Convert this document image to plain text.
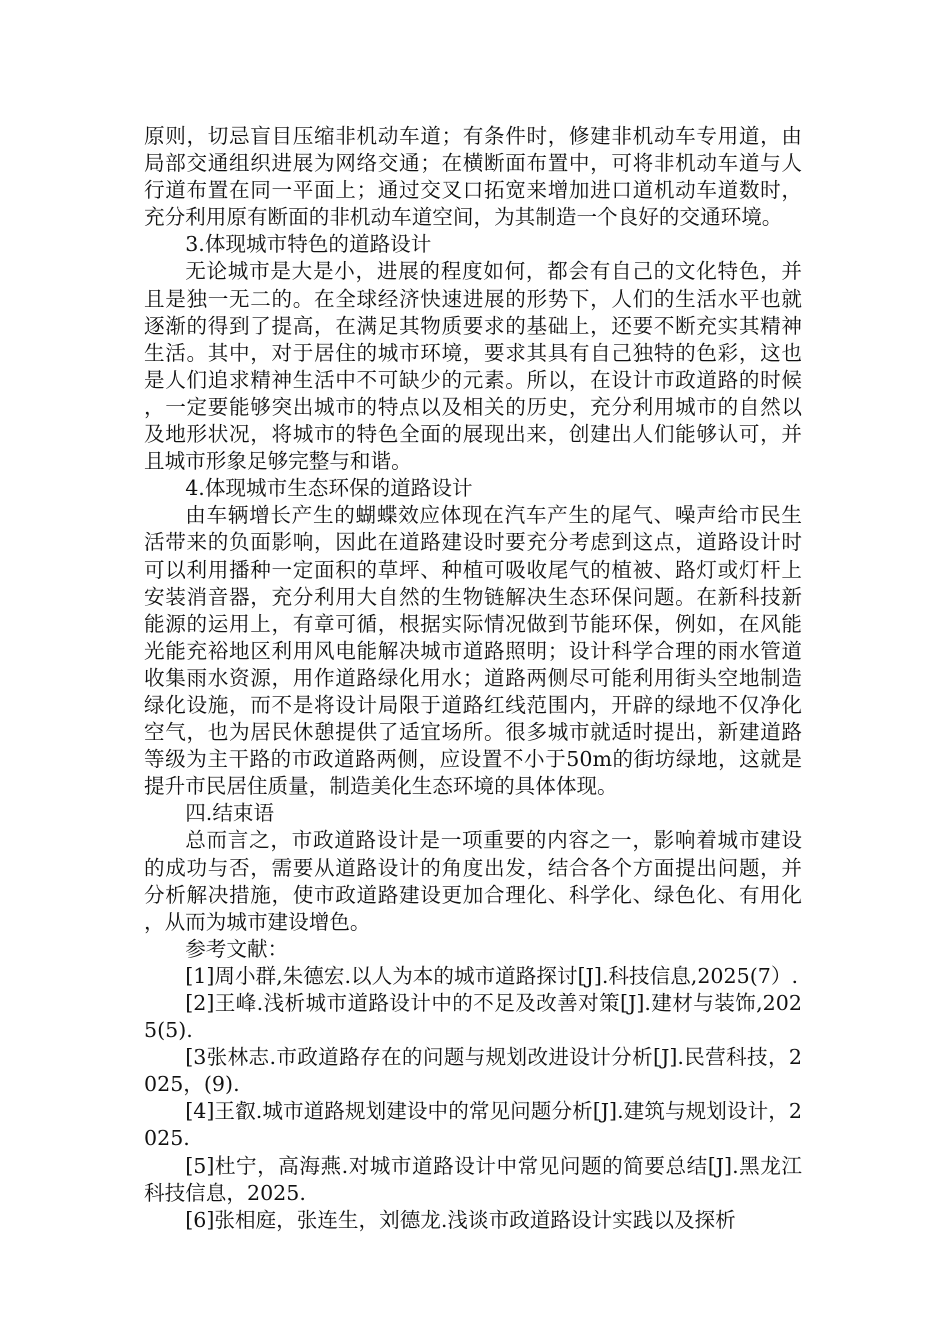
原则，切忌盲目压缩非机动车道；有条件时，修建非机动车专用道，由局部交通组织进展为网络交通；在横断面布置中，可将非机动车道与人行道布置在同一平面上；通过交叉口拓宽来增加进口道机动车道数时，充分利用原有断面的非机动车道空间，为其制造一个良好的交通环境。

3.体现城市特色的道路设计

无论城市是大是小，进展的程度如何，都会有自己的文化特色，并且是独一无二的。在全球经济快速进展的形势下，人们的生活水平也就逐渐的得到了提高，在满足其物质要求的基础上，还要不断充实其精神生活。其中，对于居住的城市环境，要求其具有自己独特的色彩，这也是人们追求精神生活中不可缺少的元素。所以，在设计市政道路的时候，一定要能够突出城市的特点以及相关的历史，充分利用城市的自然以及地形状况，将城市的特色全面的展现出来，创建出人们能够认可，并且城市形象足够完整与和谐。

4.体现城市生态环保的道路设计

由车辆增长产生的蝴蝶效应体现在汽车产生的尾气、噪声给市民生活带来的负面影响，因此在道路建设时要充分考虑到这点，道路设计时可以利用播种一定面积的草坪、种植可吸收尾气的植被、路灯或灯杆上安装消音器，充分利用大自然的生物链解决生态环保问题。在新科技新能源的运用上，有章可循，根据实际情况做到节能环保，例如，在风能光能充裕地区利用风电能解决城市道路照明；设计科学合理的雨水管道收集雨水资源，用作道路绿化用水；道路两侧尽可能利用街头空地制造绿化设施，而不是将设计局限于道路红线范围内，开辟的绿地不仅净化空气，也为居民休憩提供了适宜场所。很多城市就适时提出，新建道路等级为主干路的市政道路两侧，应设置不小于50m的街坊绿地，这就是提升市民居住质量，制造美化生态环境的具体体现。

四.结束语

总而言之，市政道路设计是一项重要的内容之一，影响着城市建设的成功与否，需要从道路设计的角度出发，结合各个方面提出问题，并分析解决措施，使市政道路建设更加合理化、科学化、绿色化、有用化，从而为城市建设增色。

参考文献：

[1]周小群,朱德宏.以人为本的城市道路探讨[J].科技信息,2025(7）.

[2]王峰.浅析城市道路设计中的不足及改善对策[J].建材与装饰,2025(5).

[3张林志.市政道路存在的问题与规划改进设计分析[J].民营科技，2025，(9).

[4]王叡.城市道路规划建设中的常见问题分析[J].建筑与规划设计，2025.

[5]杜宁，高海燕.对城市道路设计中常见问题的简要总结[J].黑龙江科技信息，2025.

[6]张相庭，张连生，刘德龙.浅谈市政道路设计实践以及探析
